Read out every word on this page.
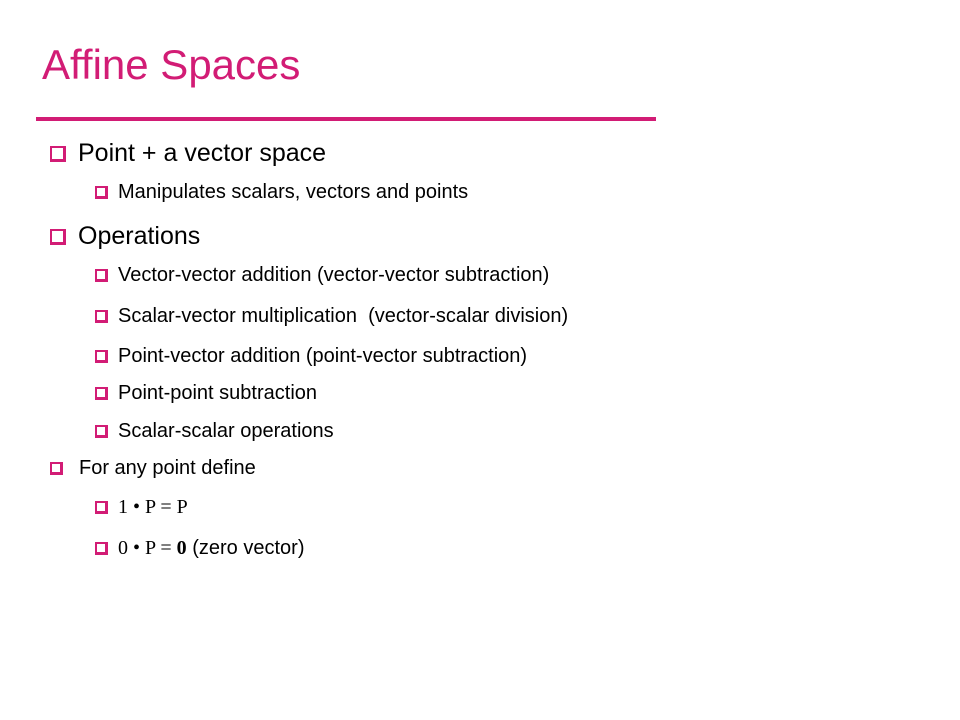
Affine Spaces
Point + a vector space
Manipulates scalars, vectors and points
Operations
Vector-vector addition (vector-vector subtraction)
Scalar-vector multiplication  (vector-scalar division)
Point-vector addition (point-vector subtraction)
Point-point subtraction
Scalar-scalar operations
For any point define
1 • P = P
0 • P = 0 (zero vector)
